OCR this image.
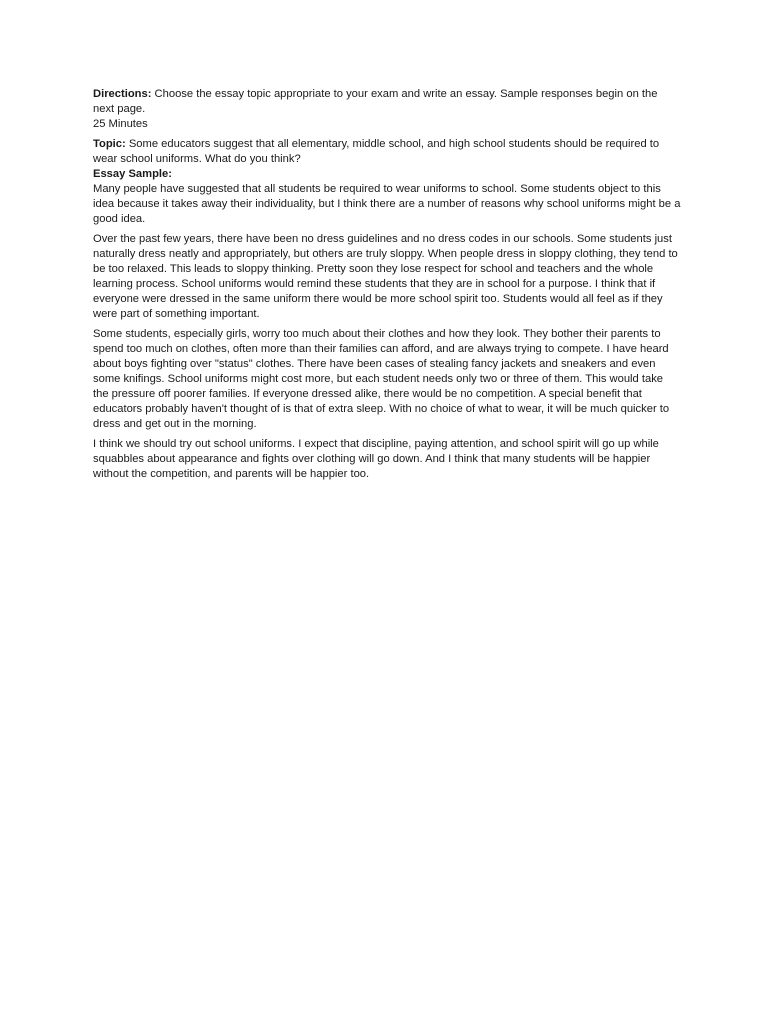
Directions: Choose the essay topic appropriate to your exam and write an essay. Sample responses begin on the next page.

25 Minutes

Topic: Some educators suggest that all elementary, middle school, and high school students should be required to wear school uniforms. What do you think?

Essay Sample:

Many people have suggested that all students be required to wear uniforms to school. Some students object to this idea because it takes away their individuality, but I think there are a number of reasons why school uniforms might be a good idea.

Over the past few years, there have been no dress guidelines and no dress codes in our schools. Some students just naturally dress neatly and appropriately, but others are truly sloppy. When people dress in sloppy clothing, they tend to be too relaxed. This leads to sloppy thinking. Pretty soon they lose respect for school and teachers and the whole learning process. School uniforms would remind these students that they are in school for a purpose. I think that if everyone were dressed in the same uniform there would be more school spirit too. Students would all feel as if they were part of something important.

Some students, especially girls, worry too much about their clothes and how they look. They bother their parents to spend too much on clothes, often more than their families can afford, and are always trying to compete. I have heard about boys fighting over "status" clothes. There have been cases of stealing fancy jackets and sneakers and even some knifings. School uniforms might cost more, but each student needs only two or three of them. This would take the pressure off poorer families. If everyone dressed alike, there would be no competition. A special benefit that educators probably haven't thought of is that of extra sleep. With no choice of what to wear, it will be much quicker to dress and get out in the morning.

I think we should try out school uniforms. I expect that discipline, paying attention, and school spirit will go up while squabbles about appearance and fights over clothing will go down. And I think that many students will be happier without the competition, and parents will be happier too.
